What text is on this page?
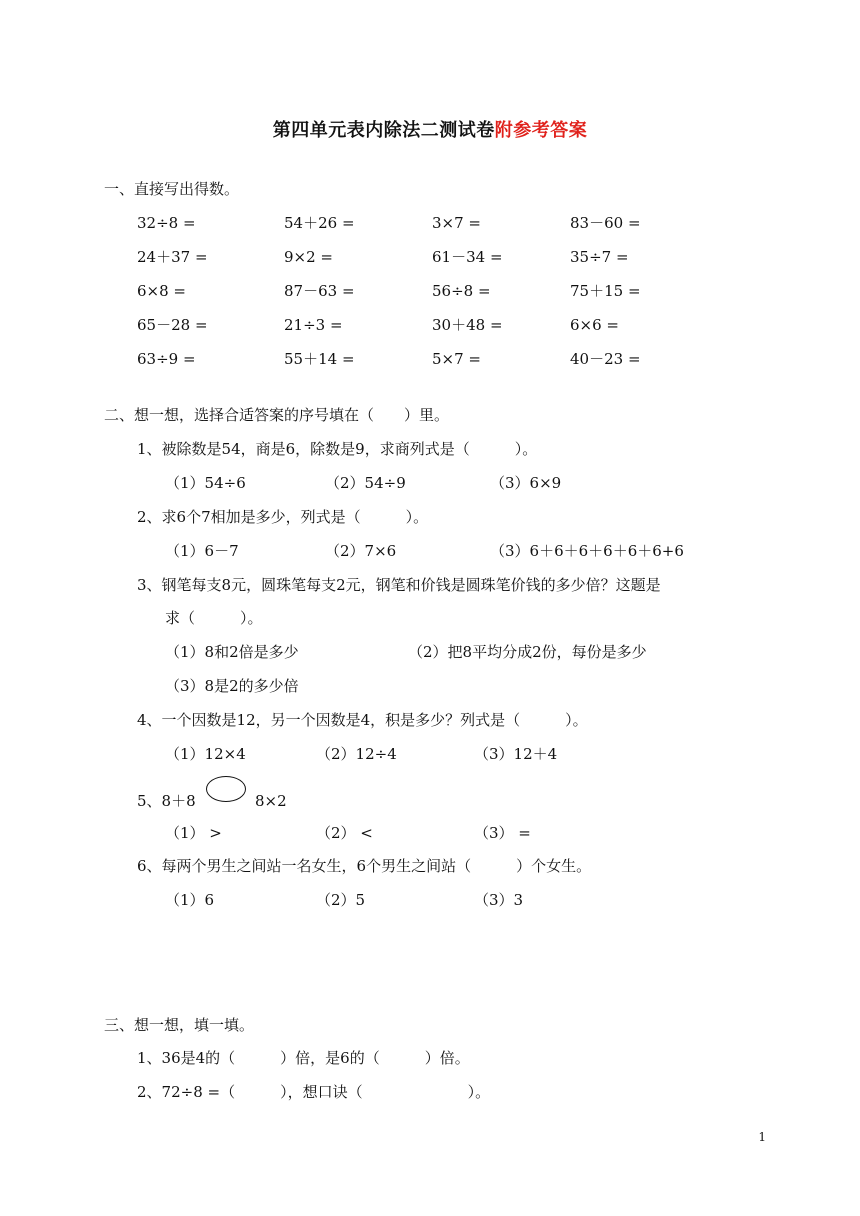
第四单元表内除法二测试卷附参考答案
一、直接写出得数。
32÷8 =	54＋26 =	3×7 =	83－60 =
24＋37 =	9×2 =	61－34 =	35÷7 =
6×8 =	87－63 =	56÷8 =	75＋15 =
65－28 =	21÷3 =	30＋48 =	6×6 =
63÷9 =	55＋14 =	5×7 =	40－23 =
二、想一想，选择合适答案的序号填在（　　）里。
1、被除数是54，商是6，除数是9，求商列式是（　　　）。
（1）54÷6	（2）54÷9	（3）6×9
2、求6个7相加是多少，列式是（　　　）。
（1）6－7	（2）7×6	（3）6＋6＋6＋6＋6＋6+6
3、钢笔每支8元，圆珠笔每支2元，钢笔和价钱是圆珠笔价钱的多少倍？这题是
求（　　　）。
（1）8和2倍是多少	（2）把8平均分成2份，每份是多少
（3）8是2的多少倍
4、一个因数是12，另一个因数是4，积是多少？列式是（　　　）。
（1）12×4	（2）12÷4	（3）12＋4
5、8＋8	8×2
（1） >	（2） <	（3） =
6、每两个男生之间站一名女生，6个男生之间站（　　　）个女生。
（1）6	（2）5	（3）3
三、想一想，填一填。
1、36是4的（　　　）倍，是6的（　　　）倍。
2、72÷8 =（　　　），想口诀（　　　　　　　）。
1
